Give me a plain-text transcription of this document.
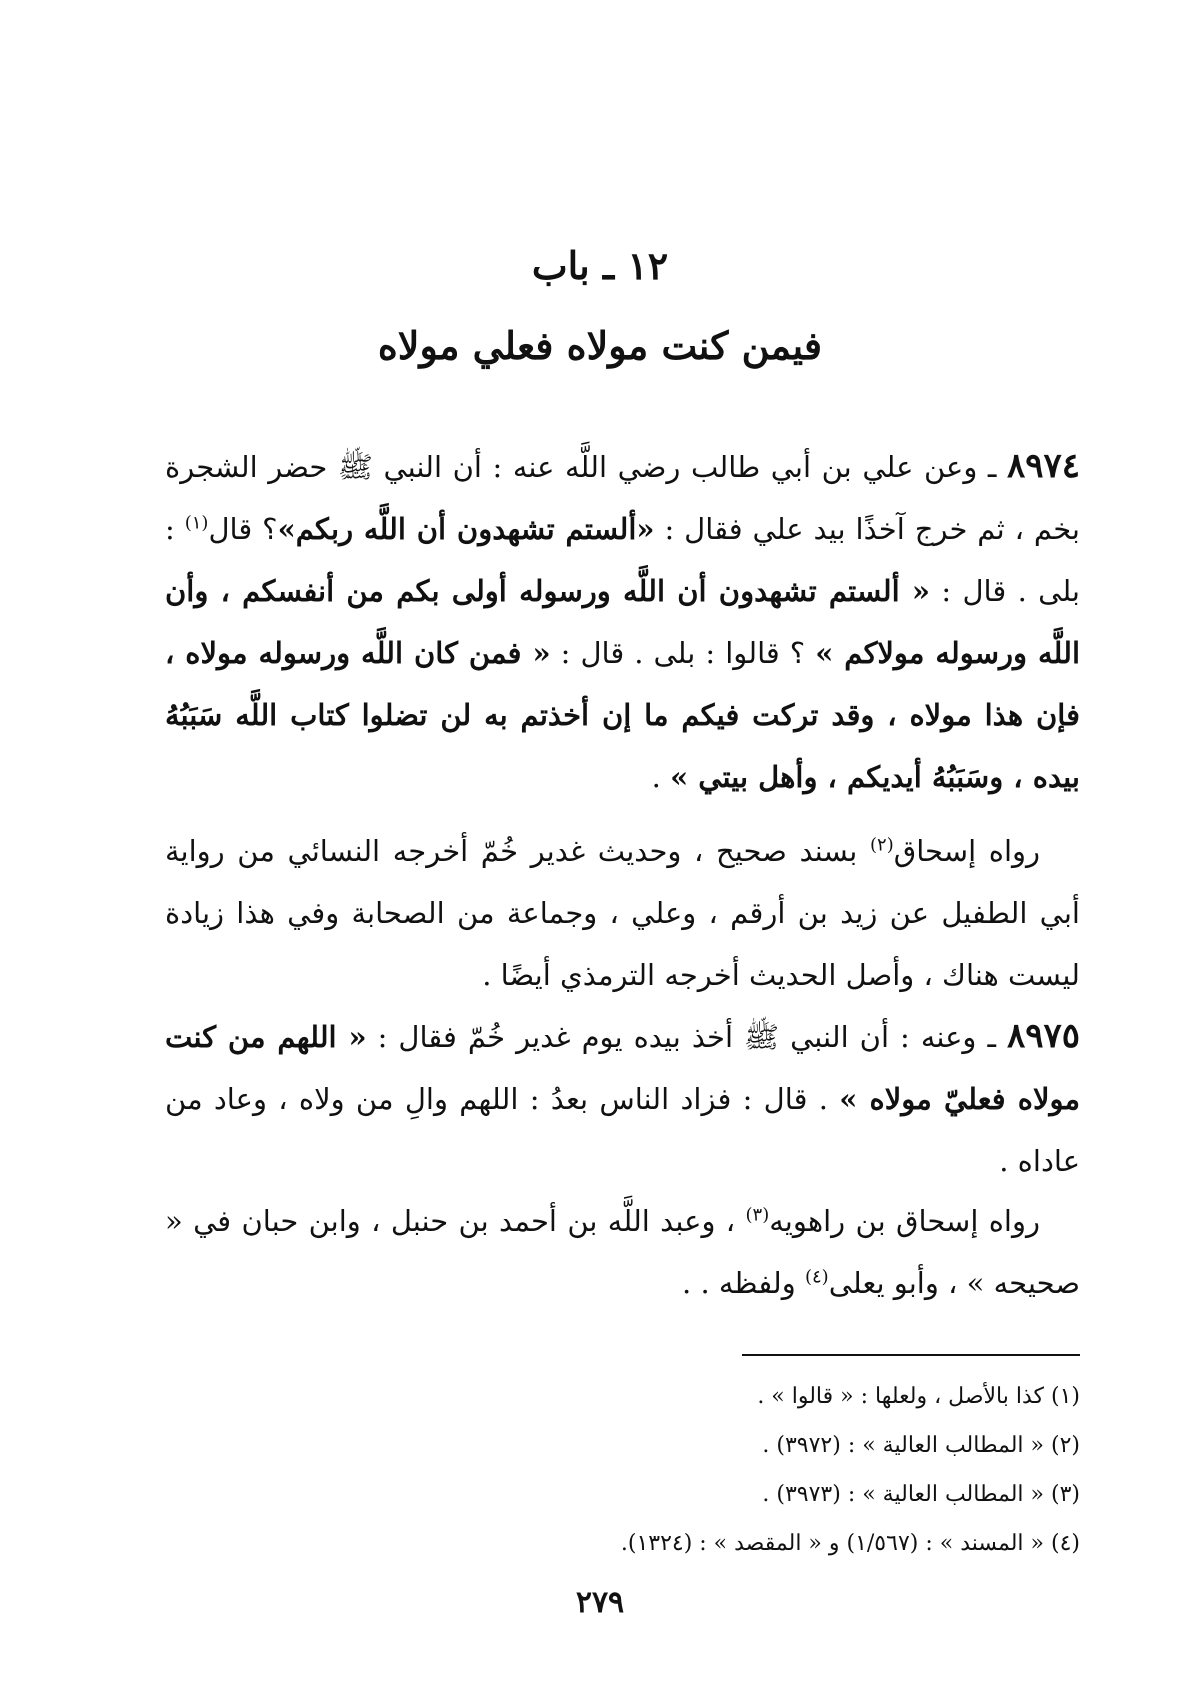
١٢ ـ باب
فيمن كنت مولاه فعلي مولاه

٨٩٧٤ ـ وعن علي بن أبي طالب رضي اللَّه عنه : أن النبي ﷺ حضر الشجرة بخم ، ثم خرج آخذًا بيد علي فقال : «ألستم تشهدون أن اللَّه ربكم»؟ قال$^{(١)}$ : بلى . قال : « ألستم تشهدون أن اللَّه ورسوله أولى بكم من أنفسكم ، وأن اللَّه ورسوله مولاكم » ؟ قالوا : بلى . قال : « فمن كان اللَّه ورسوله مولاه ، فإن هذا مولاه ، وقد تركت فيكم ما إن أخذتم به لن تضلوا كتاب اللَّه سَبَبُهُ بيده ، وسَبَبُهُ أيديكم ، وأهل بيتي » .

رواه إسحاق$^{(٢)}$ بسند صحيح ، وحديث غدير خُمّ أخرجه النسائي من رواية أبي الطفيل عن زيد بن أرقم ، وعلي ، وجماعة من الصحابة وفي هذا زيادة ليست هناك ، وأصل الحديث أخرجه الترمذي أيضًا .

٨٩٧٥ ـ وعنه : أن النبي ﷺ أخذ بيده يوم غدير خُمّ فقال : « اللهم من كنت مولاه فعليّ مولاه » . قال : فزاد الناس بعدُ : اللهم والِ من ولاه ، وعاد من عاداه .

رواه إسحاق بن راهويه$^{(٣)}$ ، وعبد اللَّه بن أحمد بن حنبل ، وابن حبان في « صحيحه » ، وأبو يعلى$^{(٤)}$ ولفظه . .

(١) كذا بالأصل ، ولعلها : « قالوا » .
(٢) « المطالب العالية » : (٣٩٧٢) .
(٣) « المطالب العالية » : (٣٩٧٣) .
(٤) « المسند » : (١/٥٦٧) و « المقصد » : (١٣٢٤).
٢٧٩
